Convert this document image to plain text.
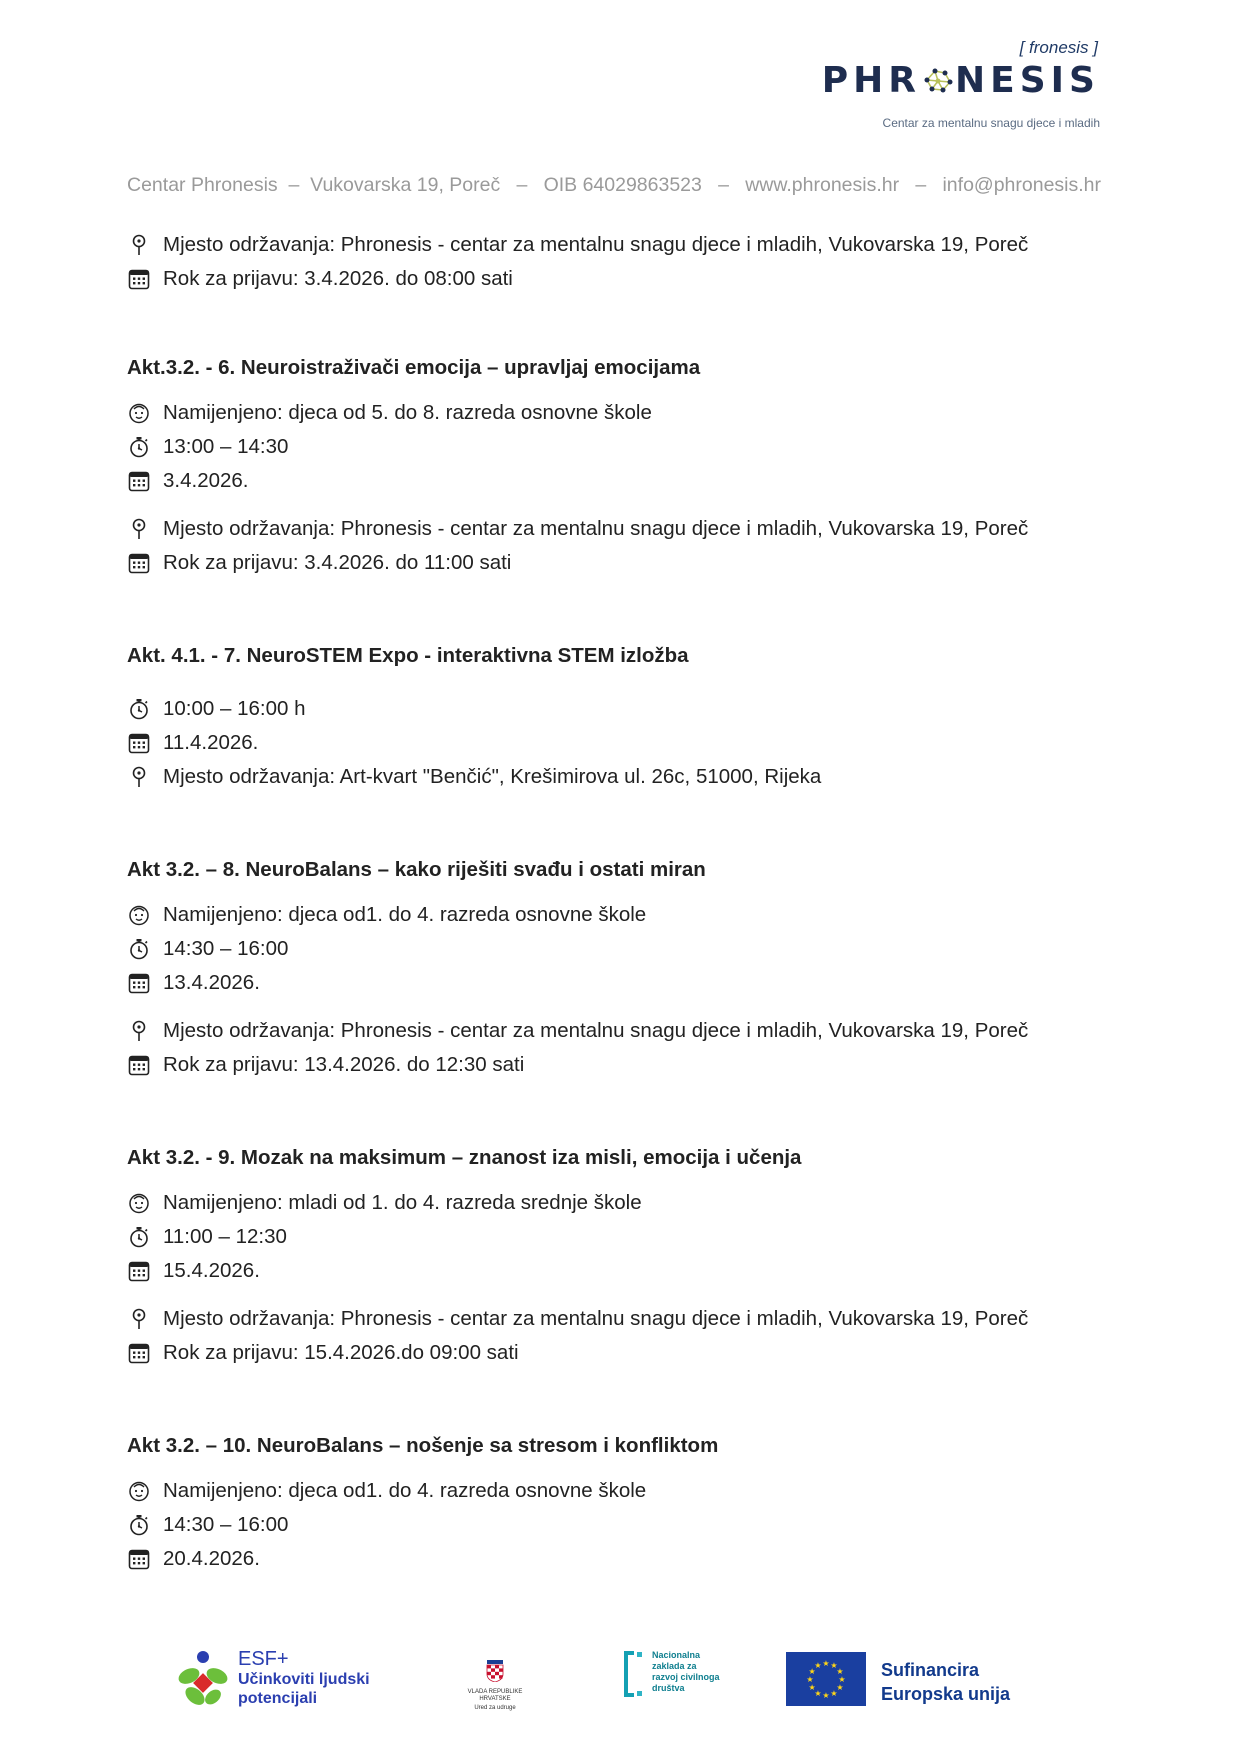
[ fronesis ]
PHR NESIS
Centar za mentalnu snagu djece i mladih
Centar Phronesis  –  Vukovarska 19, Poreč   –   OIB 64029863523   –   www.phronesis.hr   –   info@phronesis.hr
Mjesto održavanja: Phronesis - centar za mentalnu snagu djece i mladih, Vukovarska 19, Poreč
Rok za prijavu: 3.4.2026. do 08:00 sati
Akt.3.2. - 6. Neuroistraživači emocija – upravljaj emocijama
Namijenjeno: djeca od 5. do 8. razreda osnovne škole
13:00 – 14:30
3.4.2026.
Mjesto održavanja: Phronesis - centar za mentalnu snagu djece i mladih, Vukovarska 19, Poreč
Rok za prijavu: 3.4.2026. do 11:00 sati
Akt. 4.1. - 7. NeuroSTEM Expo - interaktivna STEM izložba
10:00 – 16:00 h
11.4.2026.
Mjesto održavanja: Art-kvart "Benčić", Krešimirova ul. 26c, 51000, Rijeka
Akt 3.2. – 8. NeuroBalans – kako riješiti svađu i ostati miran
Namijenjeno: djeca od1. do 4. razreda osnovne škole
14:30 – 16:00
13.4.2026.
Mjesto održavanja: Phronesis - centar za mentalnu snagu djece i mladih, Vukovarska 19, Poreč
Rok za prijavu: 13.4.2026. do 12:30 sati
Akt 3.2. - 9. Mozak na maksimum – znanost iza misli, emocija i učenja
Namijenjeno: mladi od 1. do 4. razreda srednje škole
11:00 – 12:30
15.4.2026.
Mjesto održavanja: Phronesis - centar za mentalnu snagu djece i mladih, Vukovarska 19, Poreč
Rok za prijavu: 15.4.2026.do 09:00 sati
Akt 3.2. – 10. NeuroBalans – nošenje sa stresom i konfliktom
Namijenjeno: djeca od1. do 4. razreda osnovne škole
14:30 – 16:00
20.4.2026.
ESF+
Učinkoviti ljudski
potencijali	VLADA REPUBLIKE HRVATSKE
Ured za udruge
Nacionalna zaklada za razvoj civilnoga društva
★
★
★
★
★
★
★
★
★ ★ ★
★ Sufinancira
Europska unija
